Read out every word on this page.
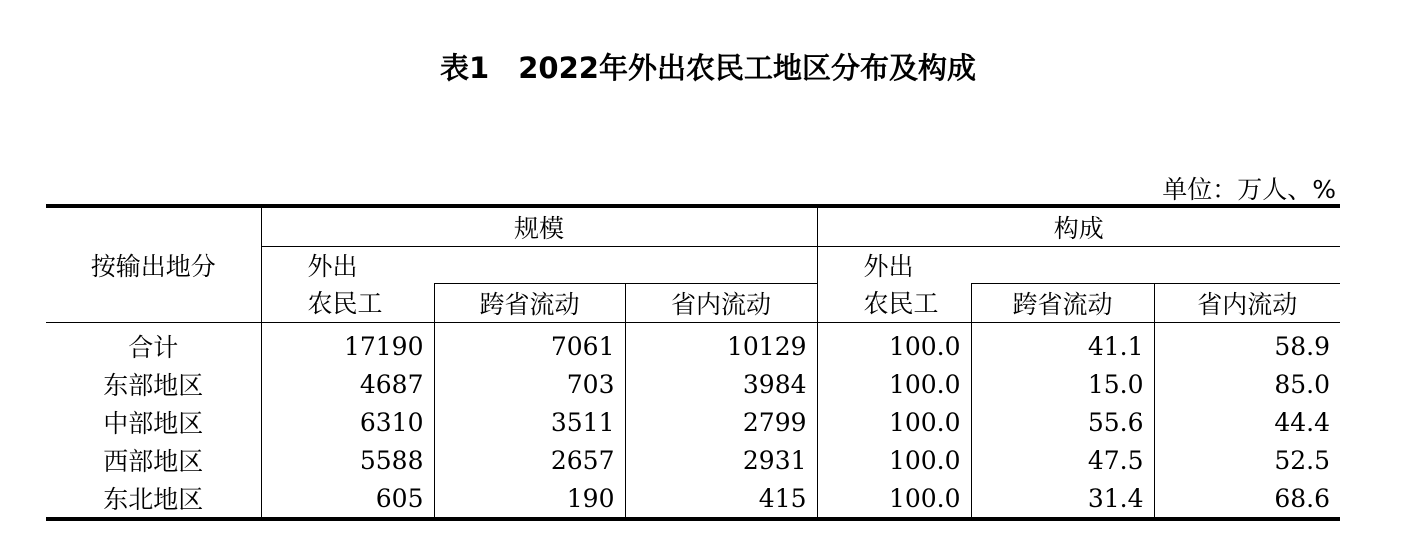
表1　2022年外出农民工地区分布及构成
单位：万人、%
按输出地分	规模			构成		
	外出			外出		
	农民工	跨省流动	省内流动	农民工	跨省流动	省内流动
合计	17190	7061	10129	100.0	41.1	58.9
东部地区	4687	703	3984	100.0	15.0	85.0
中部地区	6310	3511	2799	100.0	55.6	44.4
西部地区	5588	2657	2931	100.0	47.5	52.5
东北地区	605	190	415	100.0	31.4	68.6
